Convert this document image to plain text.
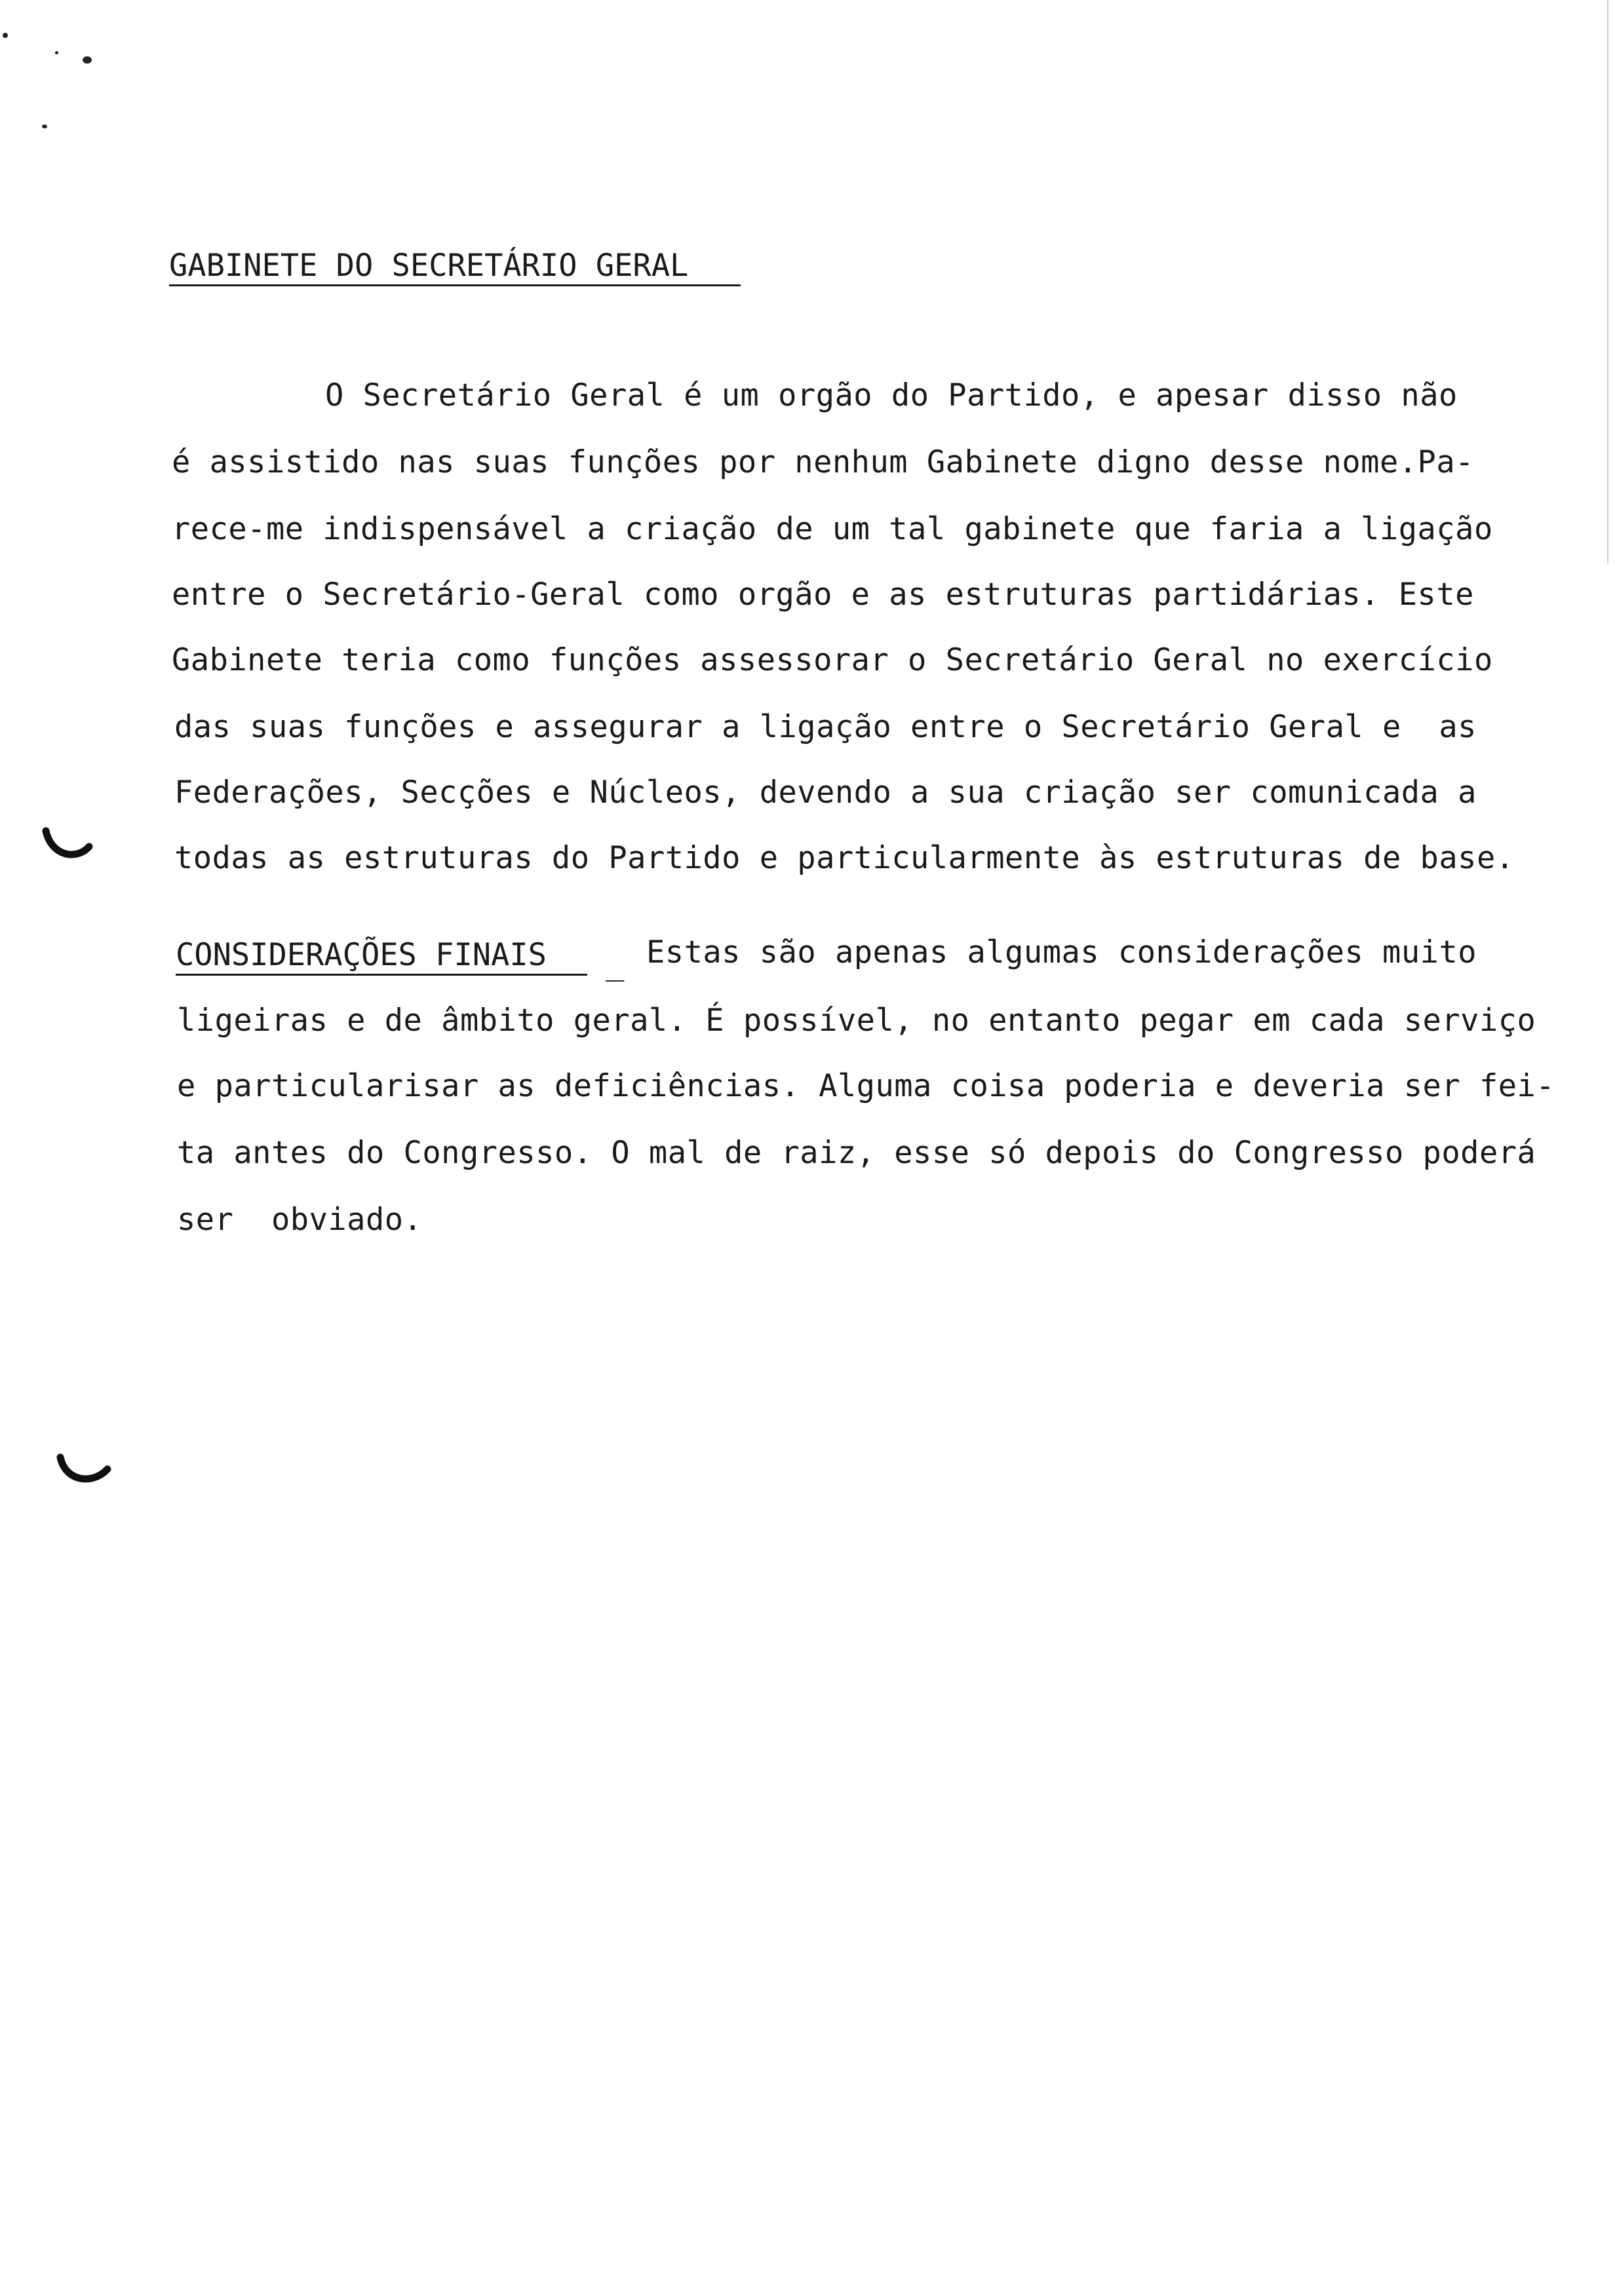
GABINETE DO SECRETÁRIO GERAL
O Secretário Geral é um orgão do Partido, e apesar disso não
é assistido nas suas funções por nenhum Gabinete digno desse nome.Pa-
rece-me indispensável a criação de um tal gabinete que faria a ligação
entre o Secretário-Geral como orgão e as estruturas partidárias. Este
Gabinete teria como funções assessorar o Secretário Geral no exercício
das suas funções e assegurar a ligação entre o Secretário Geral e  as
Federações, Secções e Núcleos, devendo a sua criação ser comunicada a
todas as estruturas do Partido e particularmente às estruturas de base.
CONSIDERAÇÕES FINAIS _ Estas são apenas algumas considerações muito
ligeiras e de âmbito geral. É possível, no entanto pegar em cada serviço
e particularisar as deficiências. Alguma coisa poderia e deveria ser fei-
ta antes do Congresso. O mal de raiz, esse só depois do Congresso poderá
ser  obviado.
